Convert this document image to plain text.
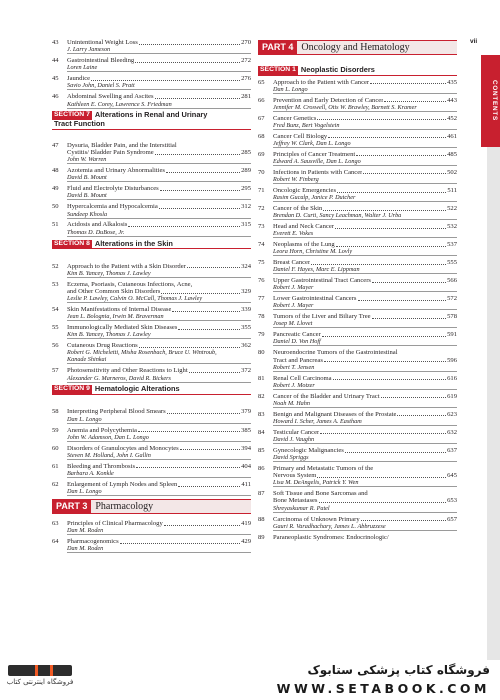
43	Unintentional Weight Loss	270
J. Larry Jameson
44	Gastrointestinal Bleeding	272
Loren Laine
45	Jaundice	276
Savio John, Daniel S. Pratt
46	Abdominal Swelling and Ascites	281
Kathleen E. Corey, Lawrence S. Friedman
SECTION 7 Alterations in Renal and Urinary
Tract Function
47	Dysuria, Bladder Pain, and the Interstitial
Cystitis/ Bladder Pain Syndrome	285
John W. Warren
48	Azotemia and Urinary Abnormalities	289
David B. Mount
49	Fluid and Electrolyte Disturbances	295
David B. Mount
50	Hypercalcemia and Hypocalcemia	312
Sundeep Khosla
51	Acidosis and Alkalosis	315
Thomas D. DuBose, Jr.
SECTION 8 Alterations in the Skin
52	Approach to the Patient with a Skin Disorder	324
Kim B. Yancey, Thomas J. Lawley
53	Eczema, Psoriasis, Cutaneous Infections, Acne,
and Other Common Skin Disorders	329
Leslie P. Lawley, Calvin O. McCall, Thomas J. Lawley
54	Skin Manifestations of Internal Disease	339
Jean L. Bolognia, Irwin M. Braverman
55	Immunologically Mediated Skin Diseases	355
Kim B. Yancey, Thomas J. Lawley
56	Cutaneous Drug Reactions	362
Robert G. Micheletti, Misha Rosenbach, Bruce U. Wintroub,
Kanade Shinkai
57	Photosensitivity and Other Reactions to Light	372
Alexander G. Marneros, David R. Bickers
SECTION 9 Hematologic Alterations
58	Interpreting Peripheral Blood Smears	379
Dan L. Longo
59	Anemia and Polycythemia	385
John W. Adamson, Dan L. Longo
60	Disorders of Granulocytes and Monocytes	394
Steven M. Holland, John I. Gallin
61	Bleeding and Thrombosis	404
Barbara A. Konkle
62	Enlargement of Lymph Nodes and Spleen	411
Dan L. Longo
PART 3 Pharmacology
63	Principles of Clinical Pharmacology	419
Dan M. Roden
64	Pharmacogenomics	429
Dan M. Roden
PART 4 Oncology and Hematology
SECTION 1 Neoplastic Disorders
65	Approach to the Patient with Cancer	435
Dan L. Longo
66	Prevention and Early Detection of Cancer	443
Jennifer M. Croswell, Otis W. Brawley, Barnett S. Kramer
67	Cancer Genetics	452
Fred Bunz, Bert Vogelstein
68	Cancer Cell Biology	461
Jeffrey W. Clark, Dan L. Longo
69	Principles of Cancer Treatment	485
Edward A. Sausville, Dan L. Longo
70	Infections in Patients with Cancer	502
Robert W. Finberg
71	Oncologic Emergencies	511
Rasim Gucalp, Janice P. Dutcher
72	Cancer of the Skin	522
Brendan D. Curti, Sancy Leachman, Walter J. Urba
73	Head and Neck Cancer	532
Everett E. Vokes
74	Neoplasms of the Lung	537
Leora Horn, Christine M. Lovly
75	Breast Cancer	555
Daniel F. Hayes, Marc E. Lippman
76	Upper Gastrointestinal Tract Cancers	566
Robert J. Mayer
77	Lower Gastrointestinal Cancers	572
Robert J. Mayer
78	Tumors of the Liver and Biliary Tree	578
Josep M. Llovet
79	Pancreatic Cancer	591
Daniel D. Von Hoff
80	Neuroendocrine Tumors of the Gastrointestinal
Tract and Pancreas	596
Robert T. Jensen
81	Renal Cell Carcinoma	616
Robert J. Motzer
82	Cancer of the Bladder and Urinary Tract	619
Noah M. Hahn
83	Benign and Malignant Diseases of the Prostate	623
Howard I. Scher, James A. Eastham
84	Testicular Cancer	632
David J. Vaughn
85	Gynecologic Malignancies	637
David Spriggs
86	Primary and Metastatic Tumors of the
Nervous System	645
Lisa M. DeAngelis, Patrick Y. Wen
87	Soft Tissue and Bone Sarcomas and
Bone Metastases	653
Shreyaskumar R. Patel
88	Carcinoma of Unknown Primary	657
Gauri R. Varadhachary, James L. Abbruzzese
89	Paraneoplastic Syndromes: Endocrinologic/
vii
CONTENTS
فروشگاه اینترنتی کتاب
فروشگاه کتاب پزشکی ستابوک
WWW.SETABOOK.COM
